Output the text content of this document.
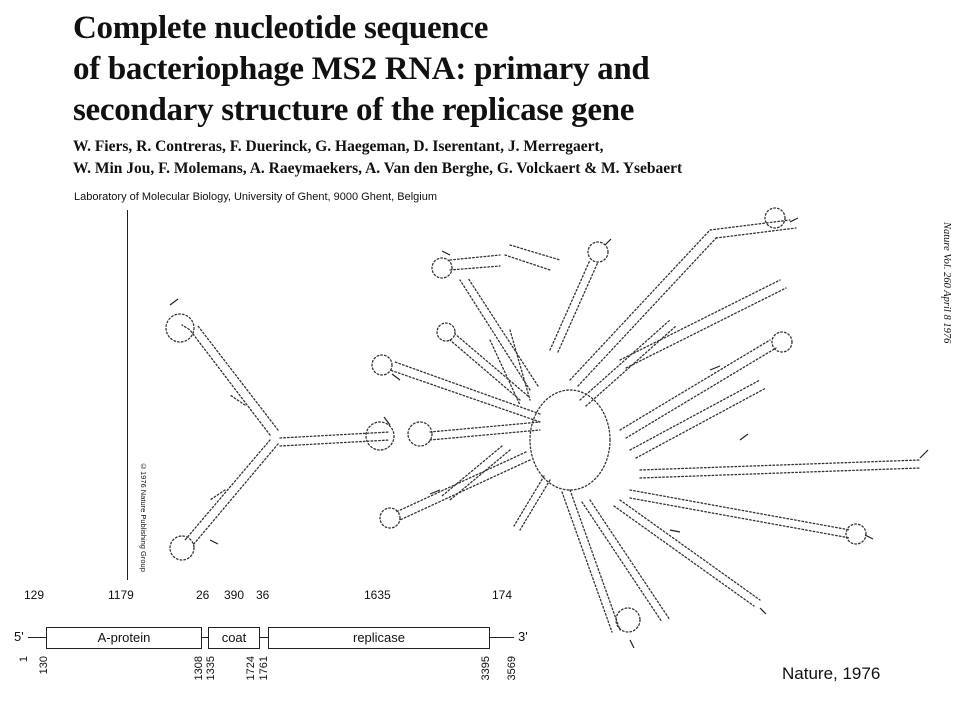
Complete nucleotide sequence
of bacteriophage MS2 RNA: primary and
secondary structure of the replicase gene
W. Fiers, R. Contreras, F. Duerinck, G. Haegeman, D. Iserentant, J. Merregaert,
W. Min Jou, F. Molemans, A. Raeymaekers, A. Van den Berghe, G. Volckaert & M. Ysebaert
Laboratory of Molecular Biology, University of Ghent, 9000 Ghent, Belgium
Nature Vol. 260 April 8 1976
©1976 Nature Publishing Group
129	1179	26 390 36	1635	174
5'	A-protein	coat	replicase	3'
1 130	1308 1335	1724 1761	3395 3569	Nature, 1976
